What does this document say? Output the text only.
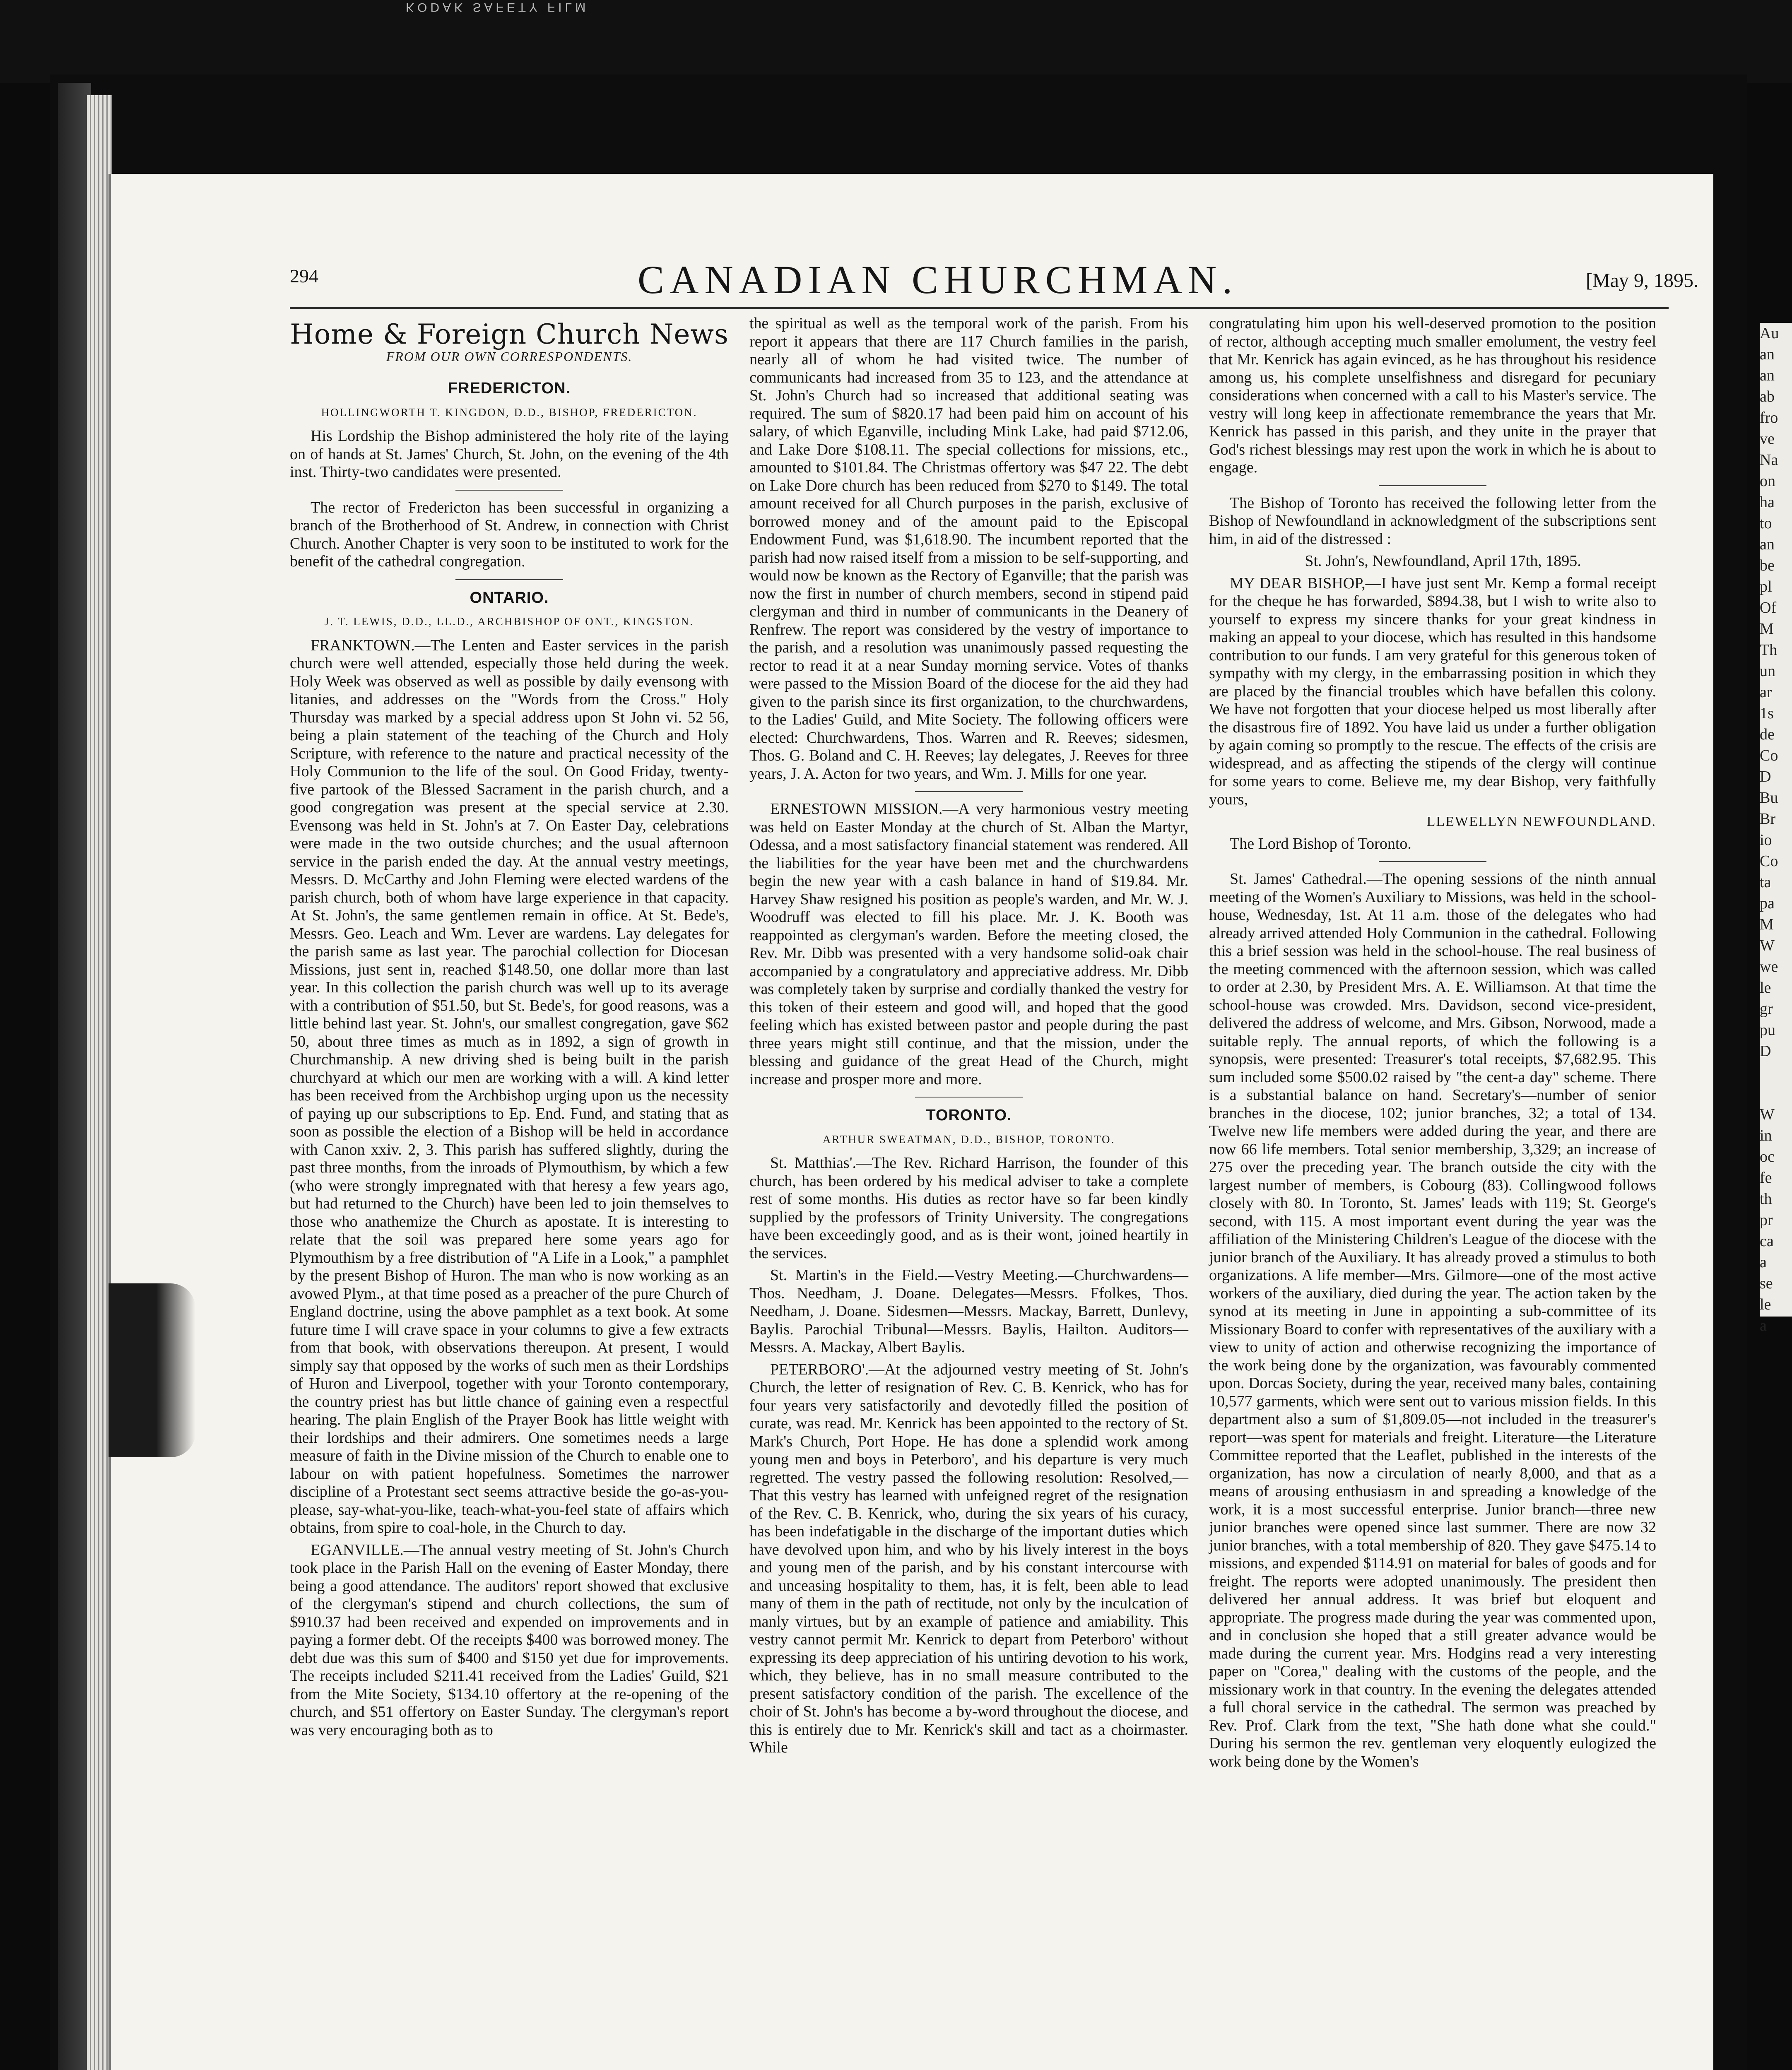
KODAK SAFETY FILM
294	CANADIAN CHURCHMAN.	[May 9, 1895.
Home & Foreign Church News
FROM OUR OWN CORRESPONDENTS.
FREDERICTON.
HOLLINGWORTH T. KINGDON, D.D., BISHOP, FREDERICTON.

His Lordship the Bishop administered the holy rite of the laying on of hands at St. James' Church, St. John, on the evening of the 4th inst. Thirty-two candidates were presented.

The rector of Fredericton has been successful in organizing a branch of the Brotherhood of St. Andrew, in connection with Christ Church. Another Chapter is very soon to be instituted to work for the benefit of the cathedral congregation.

ONTARIO.
J. T. LEWIS, D.D., LL.D., ARCHBISHOP OF ONT., KINGSTON.

FRANKTOWN.—The Lenten and Easter services in the parish church were well attended, especially those held during the week. Holy Week was observed as well as possible by daily evensong with litanies, and addresses on the "Words from the Cross." Holy Thursday was marked by a special address upon St John vi. 52 56, being a plain statement of the teaching of the Church and Holy Scripture, with reference to the nature and practical necessity of the Holy Communion to the life of the soul. On Good Friday, twenty-five partook of the Blessed Sacrament in the parish church, and a good congregation was present at the special service at 2.30. Evensong was held in St. John's at 7. On Easter Day, celebrations were made in the two outside churches; and the usual afternoon service in the parish ended the day. At the annual vestry meetings, Messrs. D. McCarthy and John Fleming were elected wardens of the parish church, both of whom have large experience in that capacity. At St. John's, the same gentlemen remain in office. At St. Bede's, Messrs. Geo. Leach and Wm. Lever are wardens. Lay delegates for the parish same as last year. The parochial collection for Diocesan Missions, just sent in, reached $148.50, one dollar more than last year. In this collection the parish church was well up to its average with a contribution of $51.50, but St. Bede's, for good reasons, was a little behind last year. St. John's, our smallest congregation, gave $62 50, about three times as much as in 1892, a sign of growth in Churchmanship. A new driving shed is being built in the parish churchyard at which our men are working with a will. A kind letter has been received from the Archbishop urging upon us the necessity of paying up our subscriptions to Ep. End. Fund, and stating that as soon as possible the election of a Bishop will be held in accordance with Canon xxiv. 2, 3. This parish has suffered slightly, during the past three months, from the inroads of Plymouthism, by which a few (who were strongly impregnated with that heresy a few years ago, but had returned to the Church) have been led to join themselves to those who anathemize the Church as apostate. It is interesting to relate that the soil was prepared here some years ago for Plymouthism by a free distribution of "A Life in a Look," a pamphlet by the present Bishop of Huron. The man who is now working as an avowed Plym., at that time posed as a preacher of the pure Church of England doctrine, using the above pamphlet as a text book. At some future time I will crave space in your columns to give a few extracts from that book, with observations thereupon. At present, I would simply say that opposed by the works of such men as their Lordships of Huron and Liverpool, together with your Toronto contemporary, the country priest has but little chance of gaining even a respectful hearing. The plain English of the Prayer Book has little weight with their lordships and their admirers. One sometimes needs a large measure of faith in the Divine mission of the Church to enable one to labour on with patient hopefulness. Sometimes the narrower discipline of a Protestant sect seems attractive beside the go-as-you-please, say-what-you-like, teach-what-you-feel state of affairs which obtains, from spire to coal-hole, in the Church to day.

EGANVILLE.—The annual vestry meeting of St. John's Church took place in the Parish Hall on the evening of Easter Monday, there being a good attendance. The auditors' report showed that exclusive of the clergyman's stipend and church collections, the sum of $910.37 had been received and expended on improvements and in paying a former debt. Of the receipts $400 was borrowed money. The debt due was this sum of $400 and $150 yet due for improvements. The receipts included $211.41 received from the Ladies' Guild, $21 from the Mite Society, $134.10 offertory at the re-opening of the church, and $51 offertory on Easter Sunday. The clergyman's report was very encouraging both as to

the spiritual as well as the temporal work of the parish. From his report it appears that there are 117 Church families in the parish, nearly all of whom he had visited twice. The number of communicants had increased from 35 to 123, and the attendance at St. John's Church had so increased that additional seating was required. The sum of $820.17 had been paid him on account of his salary, of which Eganville, including Mink Lake, had paid $712.06, and Lake Dore $108.11. The special collections for missions, etc., amounted to $101.84. The Christmas offertory was $47 22. The debt on Lake Dore church has been reduced from $270 to $149. The total amount received for all Church purposes in the parish, exclusive of borrowed money and of the amount paid to the Episcopal Endowment Fund, was $1,618.90. The incumbent reported that the parish had now raised itself from a mission to be self-supporting, and would now be known as the Rectory of Eganville; that the parish was now the first in number of church members, second in stipend paid clergyman and third in number of communicants in the Deanery of Renfrew. The report was considered by the vestry of importance to the parish, and a resolution was unanimously passed requesting the rector to read it at a near Sunday morning service. Votes of thanks were passed to the Mission Board of the diocese for the aid they had given to the parish since its first organization, to the churchwardens, to the Ladies' Guild, and Mite Society. The following officers were elected: Churchwardens, Thos. Warren and R. Reeves; sidesmen, Thos. G. Boland and C. H. Reeves; lay delegates, J. Reeves for three years, J. A. Acton for two years, and Wm. J. Mills for one year.

ERNESTOWN MISSION.—A very harmonious vestry meeting was held on Easter Monday at the church of St. Alban the Martyr, Odessa, and a most satisfactory financial statement was rendered. All the liabilities for the year have been met and the churchwardens begin the new year with a cash balance in hand of $19.84. Mr. Harvey Shaw resigned his position as people's warden, and Mr. W. J. Woodruff was elected to fill his place. Mr. J. K. Booth was reappointed as clergyman's warden. Before the meeting closed, the Rev. Mr. Dibb was presented with a very handsome solid-oak chair accompanied by a congratulatory and appreciative address. Mr. Dibb was completely taken by surprise and cordially thanked the vestry for this token of their esteem and good will, and hoped that the good feeling which has existed between pastor and people during the past three years might still continue, and that the mission, under the blessing and guidance of the great Head of the Church, might increase and prosper more and more.

TORONTO.
ARTHUR SWEATMAN, D.D., BISHOP, TORONTO.

St. Matthias'.—The Rev. Richard Harrison, the founder of this church, has been ordered by his medical adviser to take a complete rest of some months. His duties as rector have so far been kindly supplied by the professors of Trinity University. The congregations have been exceedingly good, and as is their wont, joined heartily in the services.

St. Martin's in the Field.—Vestry Meeting.—Churchwardens—Thos. Needham, J. Doane. Delegates—Messrs. Ffolkes, Thos. Needham, J. Doane. Sidesmen—Messrs. Mackay, Barrett, Dunlevy, Baylis. Parochial Tribunal—Messrs. Baylis, Hailton. Auditors—Messrs. A. Mackay, Albert Baylis.

PETERBORO'.—At the adjourned vestry meeting of St. John's Church, the letter of resignation of Rev. C. B. Kenrick, who has for four years very satisfactorily and devotedly filled the position of curate, was read. Mr. Kenrick has been appointed to the rectory of St. Mark's Church, Port Hope. He has done a splendid work among young men and boys in Peterboro', and his departure is very much regretted. The vestry passed the following resolution: Resolved,—That this vestry has learned with unfeigned regret of the resignation of the Rev. C. B. Kenrick, who, during the six years of his curacy, has been indefatigable in the discharge of the important duties which have devolved upon him, and who by his lively interest in the boys and young men of the parish, and by his constant intercourse with and unceasing hospitality to them, has, it is felt, been able to lead many of them in the path of rectitude, not only by the inculcation of manly virtues, but by an example of patience and amiability. This vestry cannot permit Mr. Kenrick to depart from Peterboro' without expressing its deep appreciation of his untiring devotion to his work, which, they believe, has in no small measure contributed to the present satisfactory condition of the parish. The excellence of the choir of St. John's has become a by-word throughout the diocese, and this is entirely due to Mr. Kenrick's skill and tact as a choirmaster. While

congratulating him upon his well-deserved promotion to the position of rector, although accepting much smaller emolument, the vestry feel that Mr. Kenrick has again evinced, as he has throughout his residence among us, his complete unselfishness and disregard for pecuniary considerations when concerned with a call to his Master's service. The vestry will long keep in affectionate remembrance the years that Mr. Kenrick has passed in this parish, and they unite in the prayer that God's richest blessings may rest upon the work in which he is about to engage.

The Bishop of Toronto has received the following letter from the Bishop of Newfoundland in acknowledgment of the subscriptions sent him, in aid of the distressed :

St. John's, Newfoundland, April 17th, 1895.

MY DEAR BISHOP,—I have just sent Mr. Kemp a formal receipt for the cheque he has forwarded, $894.38, but I wish to write also to yourself to express my sincere thanks for your great kindness in making an appeal to your diocese, which has resulted in this handsome contribution to our funds. I am very grateful for this generous token of sympathy with my clergy, in the embarrassing position in which they are placed by the financial troubles which have befallen this colony. We have not forgotten that your diocese helped us most liberally after the disastrous fire of 1892. You have laid us under a further obligation by again coming so promptly to the rescue. The effects of the crisis are widespread, and as affecting the stipends of the clergy will continue for some years to come. Believe me, my dear Bishop, very faithfully yours,

LLEWELLYN NEWFOUNDLAND.

The Lord Bishop of Toronto.

St. James' Cathedral.—The opening sessions of the ninth annual meeting of the Women's Auxiliary to Missions, was held in the school-house, Wednesday, 1st. At 11 a.m. those of the delegates who had already arrived attended Holy Communion in the cathedral. Following this a brief session was held in the school-house. The real business of the meeting commenced with the afternoon session, which was called to order at 2.30, by President Mrs. A. E. Williamson. At that time the school-house was crowded. Mrs. Davidson, second vice-president, delivered the address of welcome, and Mrs. Gibson, Norwood, made a suitable reply. The annual reports, of which the following is a synopsis, were presented: Treasurer's total receipts, $7,682.95. This sum included some $500.02 raised by "the cent-a day" scheme. There is a substantial balance on hand. Secretary's—number of senior branches in the diocese, 102; junior branches, 32; a total of 134. Twelve new life members were added during the year, and there are now 66 life members. Total senior membership, 3,329; an increase of 275 over the preceding year. The branch outside the city with the largest number of members, is Cobourg (83). Collingwood follows closely with 80. In Toronto, St. James' leads with 119; St. George's second, with 115. A most important event during the year was the affiliation of the Ministering Children's League of the diocese with the junior branch of the Auxiliary. It has already proved a stimulus to both organizations. A life member—Mrs. Gilmore—one of the most active workers of the auxiliary, died during the year. The action taken by the synod at its meeting in June in appointing a sub-committee of its Missionary Board to confer with representatives of the auxiliary with a view to unity of action and otherwise recognizing the importance of the work being done by the organization, was favourably commented upon. Dorcas Society, during the year, received many bales, containing 10,577 garments, which were sent out to various mission fields. In this department also a sum of $1,809.05—not included in the treasurer's report—was spent for materials and freight. Literature—the Literature Committee reported that the Leaflet, published in the interests of the organization, has now a circulation of nearly 8,000, and that as a means of arousing enthusiasm in and spreading a knowledge of the work, it is a most successful enterprise. Junior branch—three new junior branches were opened since last summer. There are now 32 junior branches, with a total membership of 820. They gave $475.14 to missions, and expended $114.91 on material for bales of goods and for freight. The reports were adopted unanimously. The president then delivered her annual address. It was brief but eloquent and appropriate. The progress made during the year was commented upon, and in conclusion she hoped that a still greater advance would be made during the current year. Mrs. Hodgins read a very interesting paper on "Corea," dealing with the customs of the people, and the missionary work in that country. In the evening the delegates attended a full choral service in the cathedral. The sermon was preached by Rev. Prof. Clark from the text, "She hath done what she could." During his sermon the rev. gentleman very eloquently eulogized the work being done by the Women's

Au
an
an
ab
fro
ve
Na
on
ha
to
an
be
pl
Of
M
Th
un
ar
1s
de
Co
D
Bu
Br
io
Co
ta
pa
M
W
we
le
gr
pu
D

W
in
oc
fe
th
pr
ca
a
se
le
a
